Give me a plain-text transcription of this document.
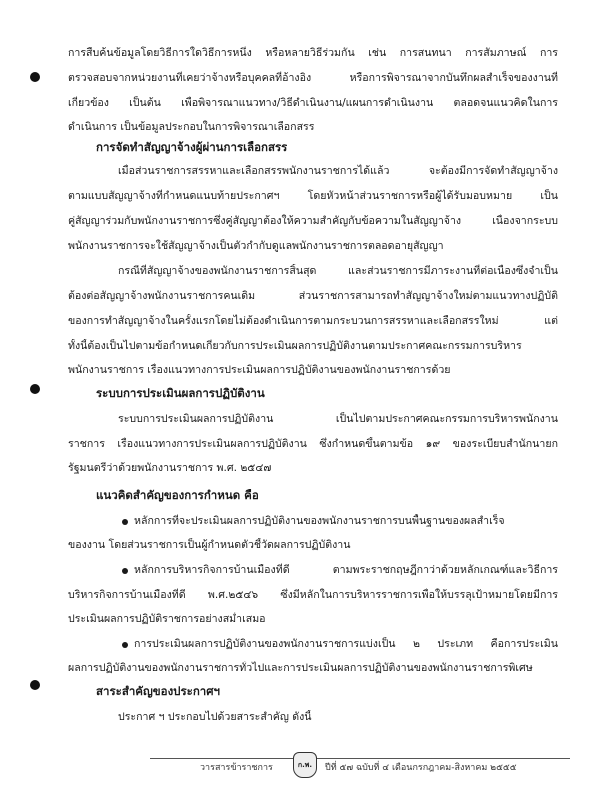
การสืบค้นข้อมูลโดยวิธีการใดวิธีการหนึ่ง หรือหลายวิธีร่วมกัน เช่น การสนทนา การสัมภาษณ์ การ
ตรวจสอบจากหน่วยงานที่เคยว่าจ้างหรือบุคคลที่อ้างอิง หรือการพิจารณาจากบันทึกผลสำเร็จของงานที่
เกี่ยวข้อง เป็นต้น เพื่อพิจารณาแนวทาง/วิธีดำเนินงาน/แผนการดำเนินงาน ตลอดจนแนวคิดในการ
ดำเนินการ เป็นข้อมูลประกอบในการพิจารณาเลือกสรร
การจัดทำสัญญาจ้างผู้ผ่านการเลือกสรร
เมื่อส่วนราชการสรรหาและเลือกสรรพนักงานราชการได้แล้ว จะต้องมีการจัดทำสัญญาจ้าง
ตามแบบสัญญาจ้างที่กำหนดแนบท้ายประกาศฯ โดยหัวหน้าส่วนราชการหรือผู้ได้รับมอบหมาย เป็น
คู่สัญญาร่วมกับพนักงานราชการซึ่งคู่สัญญาต้องให้ความสำคัญกับข้อความในสัญญาจ้าง เนื่องจากระบบ
พนักงานราชการจะใช้สัญญาจ้างเป็นตัวกำกับดูแลพนักงานราชการตลอดอายุสัญญา
กรณีที่สัญญาจ้างของพนักงานราชการสิ้นสุด และส่วนราชการมีภาระงานที่ต่อเนื่องซึ่งจำเป็น
ต้องต่อสัญญาจ้างพนักงานราชการคนเดิม ส่วนราชการสามารถทำสัญญาจ้างใหม่ตามแนวทางปฏิบัติ
ของการทำสัญญาจ้างในครั้งแรกโดยไม่ต้องดำเนินการตามกระบวนการสรรหาและเลือกสรรใหม่ แต่
ทั้งนี้ต้องเป็นไปตามข้อกำหนดเกี่ยวกับการประเมินผลการปฏิบัติงานตามประกาศคณะกรรมการบริหาร
พนักงานราชการ เรื่องแนวทางการประเมินผลการปฏิบัติงานของพนักงานราชการด้วย
ระบบการประเมินผลการปฏิบัติงาน
ระบบการประเมินผลการปฏิบัติงาน เป็นไปตามประกาศคณะกรรมการบริหารพนักงาน
ราชการ เรื่องแนวทางการประเมินผลการปฏิบัติงาน ซึ่งกำหนดขึ้นตามข้อ ๑๙ ของระเบียบสำนักนายก
รัฐมนตรีว่าด้วยพนักงานราชการ พ.ศ. ๒๕๔๗
แนวคิดสำคัญของการกำหนด คือ
หลักการที่จะประเมินผลการปฏิบัติงานของพนักงานราชการบนพื้นฐานของผลสำเร็จ
ของงาน โดยส่วนราชการเป็นผู้กำหนดตัวชี้วัดผลการปฏิบัติงาน
หลักการบริหารกิจการบ้านเมืองที่ดี ตามพระราชกฤษฎีกาว่าด้วยหลักเกณฑ์และวิธีการ
บริหารกิจการบ้านเมืองที่ดี พ.ศ.๒๕๔๖ ซึ่งมีหลักในการบริหารราชการเพื่อให้บรรลุเป้าหมายโดยมีการ
ประเมินผลการปฏิบัติราชการอย่างสม่ำเสมอ
การประเมินผลการปฏิบัติงานของพนักงานราชการแบ่งเป็น ๒ ประเภท คือการประเมิน
ผลการปฏิบัติงานของพนักงานราชการทั่วไปและการประเมินผลการปฏิบัติงานของพนักงานราชการพิเศษ
สาระสำคัญของประกาศฯ
ประกาศ ฯ ประกอบไปด้วยสาระสำคัญ ดังนี้
วารสารข้าราชการ	ก.พ. ปีที่ ๕๗ ฉบับที่ ๔ เดือนกรกฎาคม-สิงหาคม ๒๕๕๕
